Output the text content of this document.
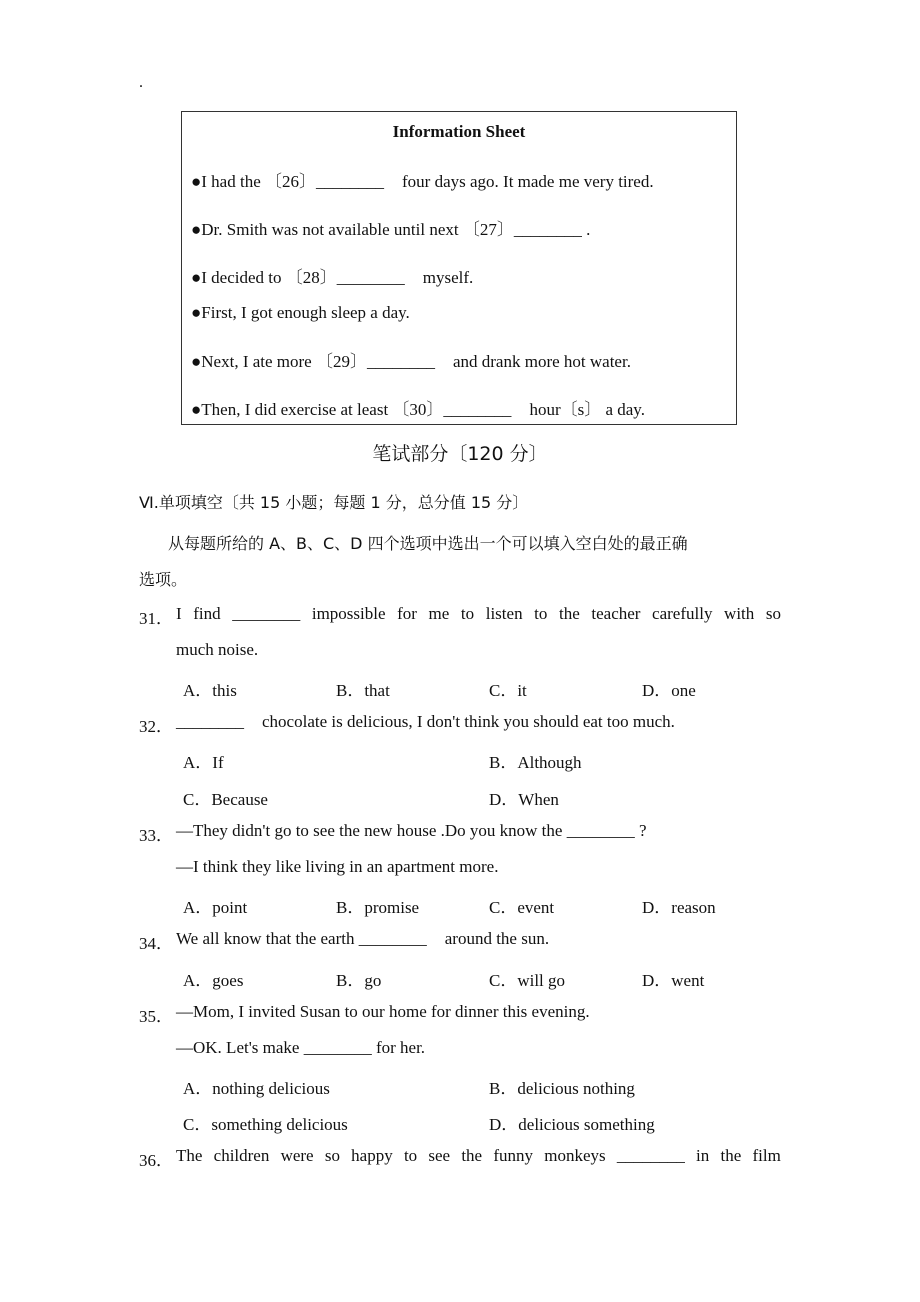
.
Information Sheet
●I had the 〔26〕________ four days ago. It made me very tired.
●Dr. Smith was not available until next 〔27〕________ .
●I decided to 〔28〕________ myself.
●First, I got enough sleep a day.
●Next, I ate more 〔29〕________ and drank more hot water.
●Then, I did exercise at least 〔30〕________ hour〔s〕 a day.
笔试部分〔120 分〕
Ⅵ.单项填空〔共 15 小题；每题 1 分，总分值 15 分〕
从每题所给的 A、B、C、D 四个选项中选出一个可以填入空白处的最正确
选项。
31． I find ________ impossible for me to listen to the teacher carefully with so
much noise.
A．this	B．that	C．it	D．one
32． ________ chocolate is delicious, I don't think you should eat too much.
A．If	B．Although
C．Because	D．When
33． —They didn't go to see the new house .Do you know the ________ ?
—I think they like living in an apartment more.
A．point	B．promise	C．event	D．reason
34． We all know that the earth ________ around the sun.
A．goes	B．go	C．will go	D．went
35． —Mom, I invited Susan to our home for dinner this evening.
—OK. Let's make ________ for her.
A．nothing delicious	B．delicious nothing
C．something delicious	D．delicious something
36． The children were so happy to see the funny monkeys ________ in the film
